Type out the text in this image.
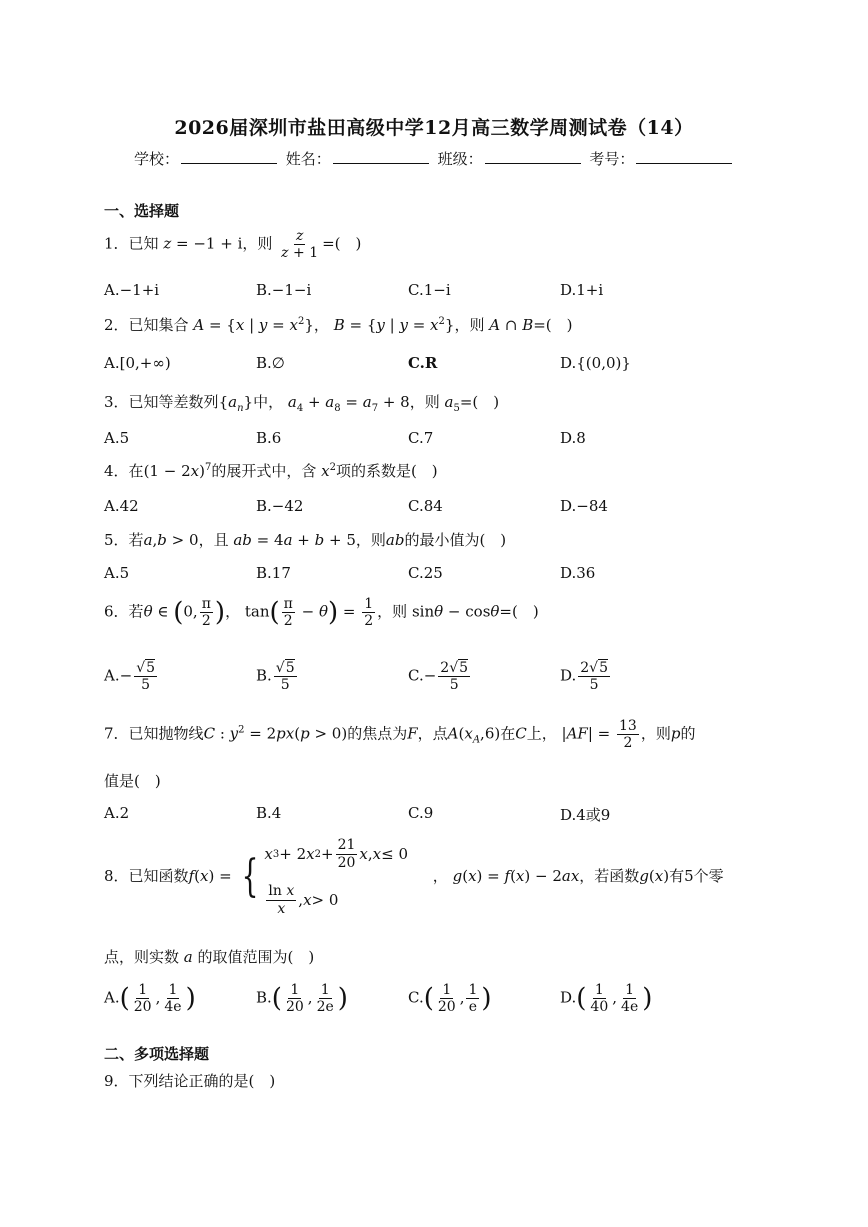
2026届深圳市盐田高级中学12月高三数学周测试卷（14）
学校：	姓名：	班级：	考号：
一、选择题
1．已知 z = −1 + i，则 $\frac{z}{z + 1}$ =(　)
A.−1+i	B.−1−i	C.1−i	D.1+i
2．已知集合 A = {x | $y = x^2$}， B = {y | $y = x^2$}，则 A ∩ B=(　)
A.[0,+∞)	B.∅	C.R	D.{(0,0)}
3．已知等差数列$\{a_n\}$中， $a_4 + a_8 = a_7 + 8$，则 $a_5=$(　)
A.5	B.6	C.7	D.8
4．在$(1 - 2x)^7$的展开式中，含 $x^2$项的系数是(　)
A.42	B.−42	C.84	D.−84
5．若a,b > 0，且 ab = 4a + b + 5，则ab的最小值为(　)
A.5	B.17	C.25	D.36
6．若θ ∈ (0, $\frac{\pi}{2}$ )， $\tan( \frac{\pi}{2} - \theta) = \frac{1}{2}$ ，则 sinθ − cosθ=(　)
$A.- \frac{√5}{5}$	B. $\frac{√5}{5}$	$C.- \frac{2√5}{5}$	D. $\frac{2√5}{5}$
7．已知抛物线C : $y^2 = 2px(p > 0)$的焦点为F，点$A(x_A,6)$在C上， $|AF| = \frac{13}{2}$ ，则p的
值是(　)
A.2	B.4	C.9	D.4或9
8．已知函数f(x) = { x 3 + 2 x $2 + \frac{21}{20}$ x , x ≤ 0
$\frac{\text{ln x}}{x}$ , x > 0
， g(x) = f(x) − 2ax，若函数g(x)有5个零
点，则实数 a 的取值范围为(　)
$A.( \frac{1}{20}$ , $\frac{1}{4e}$ )	$B.( \frac{1}{20}$ , $\frac{1}{2e}$ )	$C.( \frac{1}{20}$ , $\frac{1}{e}$ )	$D.( \frac{1}{40}$ , $\frac{1}{4e}$ )
二、多项选择题
9．下列结论正确的是(　)
